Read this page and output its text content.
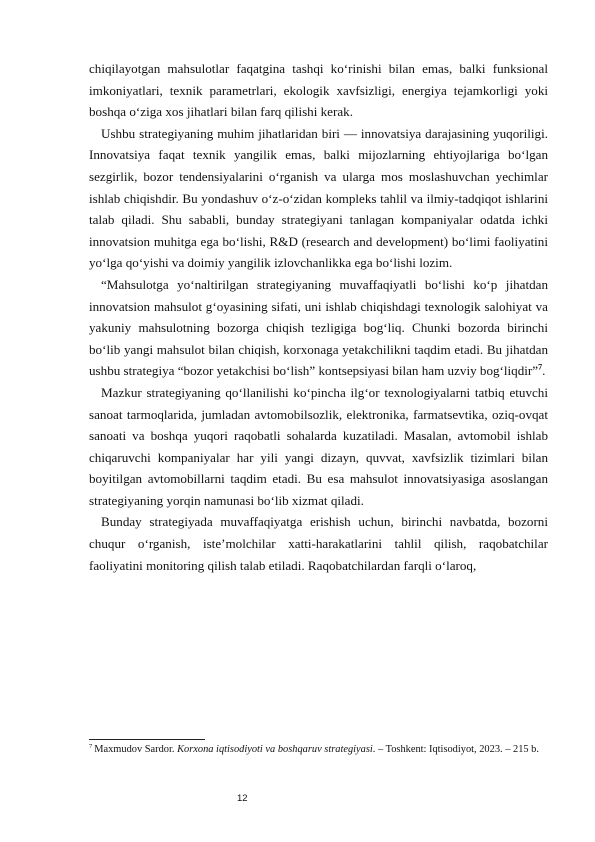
chiqilayotgan mahsulotlar faqatgina tashqi ko‘rinishi bilan emas, balki funksional imkoniyatlari, texnik parametrlari, ekologik xavfsizligi, energiya tejamkorligi yoki boshqa o‘ziga xos jihatlari bilan farq qilishi kerak.

Ushbu strategiyaning muhim jihatlaridan biri — innovatsiya darajasining yuqoriligi. Innovatsiya faqat texnik yangilik emas, balki mijozlarning ehtiyojlariga bo‘lgan sezgirlik, bozor tendensiyalarini o‘rganish va ularga mos moslashuvchan yechimlar ishlab chiqishdir. Bu yondashuv o‘z-o‘zidan kompleks tahlil va ilmiy-tadqiqot ishlarini talab qiladi. Shu sababli, bunday strategiyani tanlagan kompaniyalar odatda ichki innovatsion muhitga ega bo‘lishi, R&D (research and development) bo‘limi faoliyatini yo‘lga qo‘yishi va doimiy yangilik izlovchanlikka ega bo‘lishi lozim.

“Mahsulotga yo‘naltirilgan strategiyaning muvaffaqiyatli bo‘lishi ko‘p jihatdan innovatsion mahsulot g‘oyasining sifati, uni ishlab chiqishdagi texnologik salohiyat va yakuniy mahsulotning bozorga chiqish tezligiga bog‘liq. Chunki bozorda birinchi bo‘lib yangi mahsulot bilan chiqish, korxonaga yetakchilikni taqdim etadi. Bu jihatdan ushbu strategiya “bozor yetakchisi bo‘lish” kontsepsiyasi bilan ham uzviy bog‘liqdir”$^7$.

Mazkur strategiyaning qo‘llanilishi ko‘pincha ilg‘or texnologiyalarni tatbiq etuvchi sanoat tarmoqlarida, jumladan avtomobilsozlik, elektronika, farmatsevtika, oziq-ovqat sanoati va boshqa yuqori raqobatli sohalarda kuzatiladi. Masalan, avtomobil ishlab chiqaruvchi kompaniyalar har yili yangi dizayn, quvvat, xavfsizlik tizimlari bilan boyitilgan avtomobillarni taqdim etadi. Bu esa mahsulot innovatsiyasiga asoslangan strategiyaning yorqin namunasi bo‘lib xizmat qiladi.

Bunday strategiyada muvaffaqiyatga erishish uchun, birinchi navbatda, bozorni chuqur o‘rganish, iste’molchilar xatti-harakatlarini tahlil qilish, raqobatchilar faoliyatini monitoring qilish talab etiladi. Raqobatchilardan farqli o‘laroq,

$^7$ Maxmudov Sardor. Korxona iqtisodiyoti va boshqaruv strategiyasi. – Toshkent: Iqtisodiyot, 2023. – 215 b.
12
